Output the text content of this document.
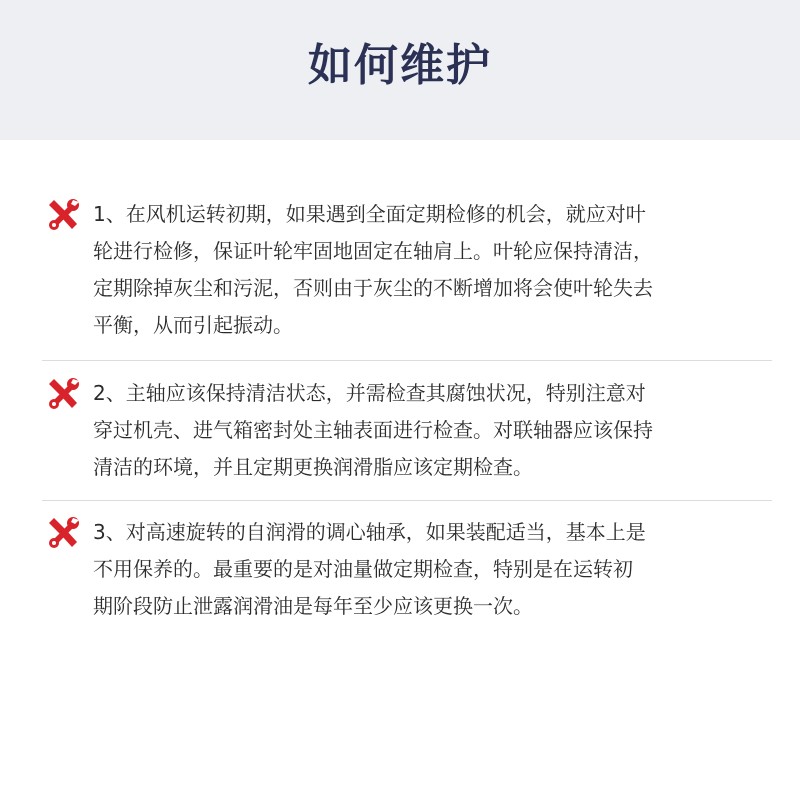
如何维护
1、在风机运转初期，如果遇到全面定期检修的机会，就应对叶
轮进行检修，保证叶轮牢固地固定在轴肩上。叶轮应保持清洁，
定期除掉灰尘和污泥，否则由于灰尘的不断增加将会使叶轮失去
平衡，从而引起振动。
2、主轴应该保持清洁状态，并需检查其腐蚀状况，特别注意对
穿过机壳、进气箱密封处主轴表面进行检查。对联轴器应该保持
清洁的环境，并且定期更换润滑脂应该定期检查。
3、对高速旋转的自润滑的调心轴承，如果装配适当，基本上是
不用保养的。最重要的是对油量做定期检查，特别是在运转初
期阶段防止泄露润滑油是每年至少应该更换一次。
